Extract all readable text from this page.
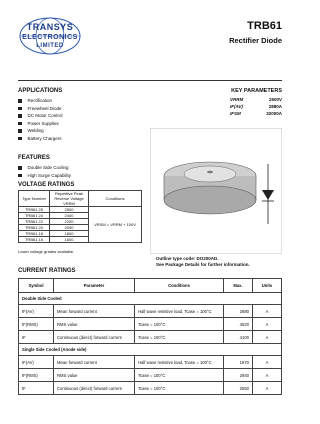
TRANSYS
ELECTRONICS
LIMITED
TRB61
Rectifier Diode
APPLICATIONS
Rectification
Freewheel Diode
DC Motor Control
Power Supplies
Welding
Battery Chargers
KEY PARAMETERS
VRRM	2500V
IF(AV)	2880A
IFSM	32000A
FEATURES
Double Side Cooling
High Surge Capability
VOLTAGE RATINGS
Type Number	Repetitive Peak Reverse Voltage VRRM	Conditions
TRB61 25	2500	VRSM = VRRM + 100V
TRB61 24	2400	
TRB61 22	2200	
TRB61 20	2000	
TRB61 18	1800	
TRB61 16	1600	
Lower voltage grades available.
Outline type code: DO200AD.
See Package Details for further information.
CURRENT RATINGS
Symbol	Parameter	Conditions	Max.	Units
Double Side Cooled				
IF(AV)	Mean forward current	Half wave resistive load, Tcase = 100°C	2880	A
IF(RMS)	RMS value	Tcase = 100°C	4520	A
IF	Continuous (direct) forward current	Tcase = 100°C	4100	A
Single Side Cooled (Anode side)				
IF(AV)	Mean forward current	Half wave resistive load, Tcase = 100°C	1870	A
IF(RMS)	RMS value	Tcase = 100°C	2940	A
IF	Continuous (direct) forward current	Tcase = 100°C	2550	A
